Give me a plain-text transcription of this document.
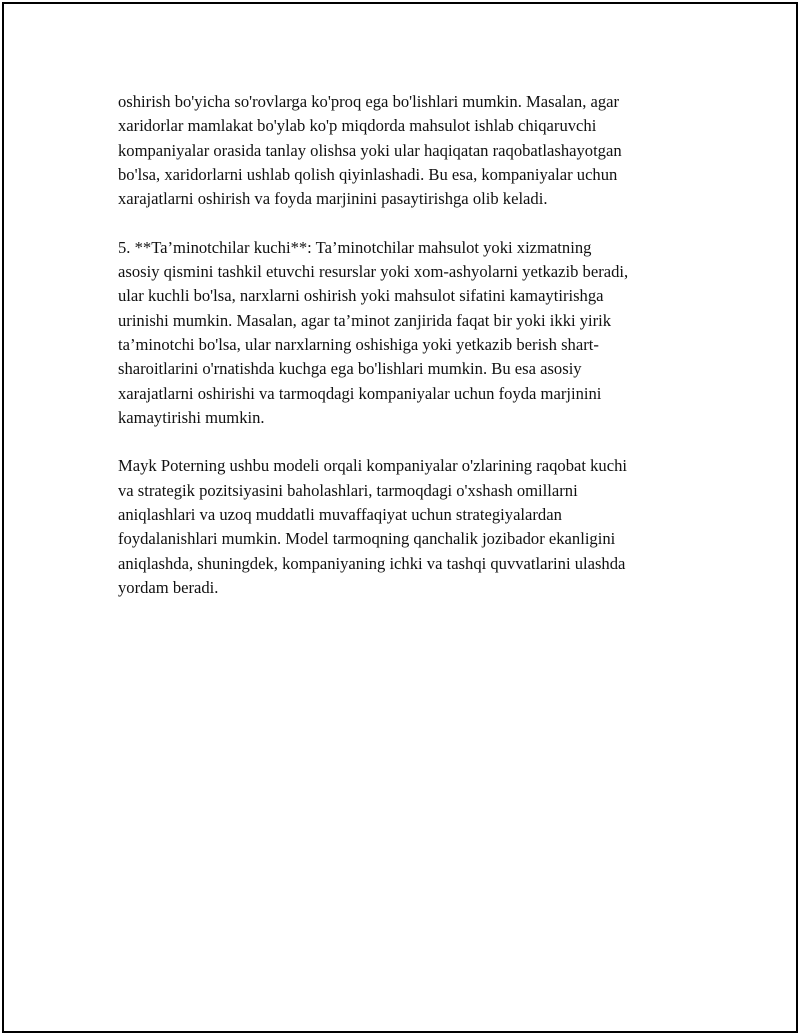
oshirish bo'yicha so'rovlarga ko'proq ega bo'lishlari mumkin. Masalan, agar
xaridorlar mamlakat bo'ylab ko'p miqdorda mahsulot ishlab chiqaruvchi
kompaniyalar orasida tanlay olishsa yoki ular haqiqatan raqobatlashayotgan
bo'lsa, xaridorlarni ushlab qolish qiyinlashadi. Bu esa, kompaniyalar uchun
xarajatlarni oshirish va foyda marjinini pasaytirishga olib keladi.

5. **Ta’minotchilar kuchi**: Ta’minotchilar mahsulot yoki xizmatning
asosiy qismini tashkil etuvchi resurslar yoki xom-ashyolarni yetkazib beradi,
ular kuchli bo'lsa, narxlarni oshirish yoki mahsulot sifatini kamaytirishga
urinishi mumkin. Masalan, agar ta’minot zanjirida faqat bir yoki ikki yirik
ta’minotchi bo'lsa, ular narxlarning oshishiga yoki yetkazib berish shart-
sharoitlarini o'rnatishda kuchga ega bo'lishlari mumkin. Bu esa asosiy
xarajatlarni oshirishi va tarmoqdagi kompaniyalar uchun foyda marjinini
kamaytirishi mumkin.

Mayk Poterning ushbu modeli orqali kompaniyalar o'zlarining raqobat kuchi
va strategik pozitsiyasini baholashlari, tarmoqdagi o'xshash omillarni
aniqlashlari va uzoq muddatli muvaffaqiyat uchun strategiyalardan
foydalanishlari mumkin. Model tarmoqning qanchalik jozibador ekanligini
aniqlashda, shuningdek, kompaniyaning ichki va tashqi quvvatlarini ulashda
yordam beradi.
